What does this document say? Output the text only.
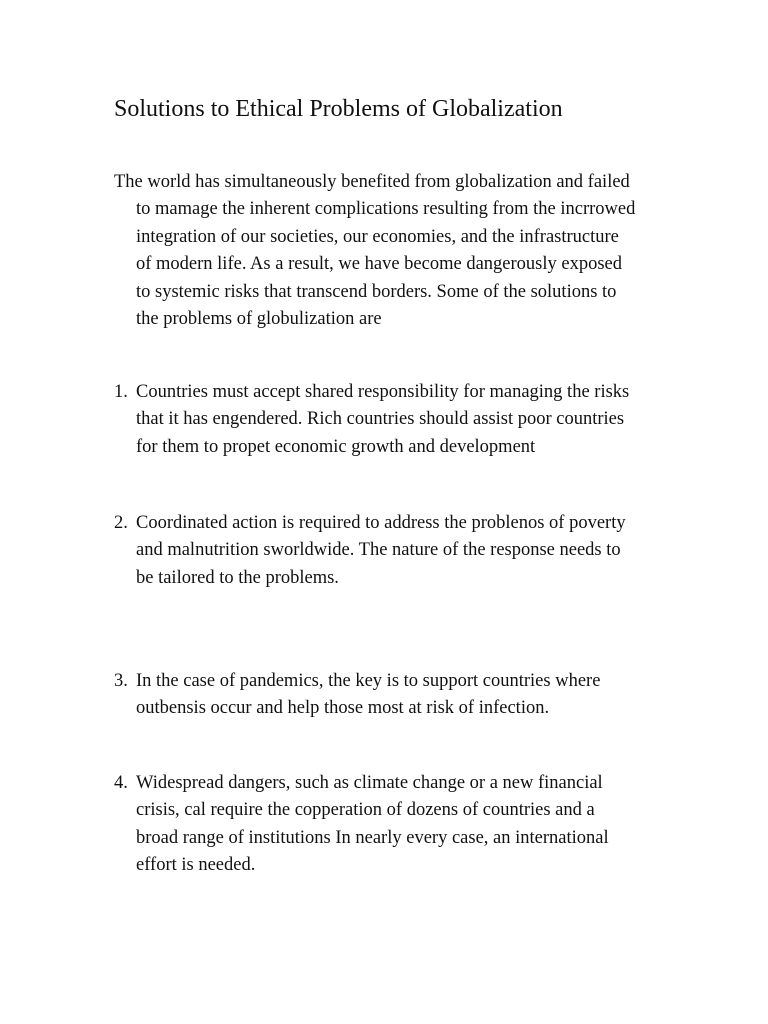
Solutions to Ethical Problems of Globalization
The world has simultaneously benefited from globalization and failed
to mamage the inherent complications resulting from the incrrowed
integration of our societies, our economies, and the infrastructure
of modern life. As a result, we have become dangerously exposed
to systemic risks that transcend borders. Some of the solutions to
the problems of globulization are
1. Countries must accept shared responsibility for managing the risks
that it has engendered. Rich countries should assist poor countries
for them to propet economic growth and development
2. Coordinated action is required to address the problenos of poverty
and malnutrition sworldwide. The nature of the response needs to
be tailored to the problems.
3. In the case of pandemics, the key is to support countries where
outbensis occur and help those most at risk of infection.
4. Widespread dangers, such as climate change or a new financial
crisis, cal require the copperation of dozens of countries and a
broad range of institutions In nearly every case, an international
effort is needed.
